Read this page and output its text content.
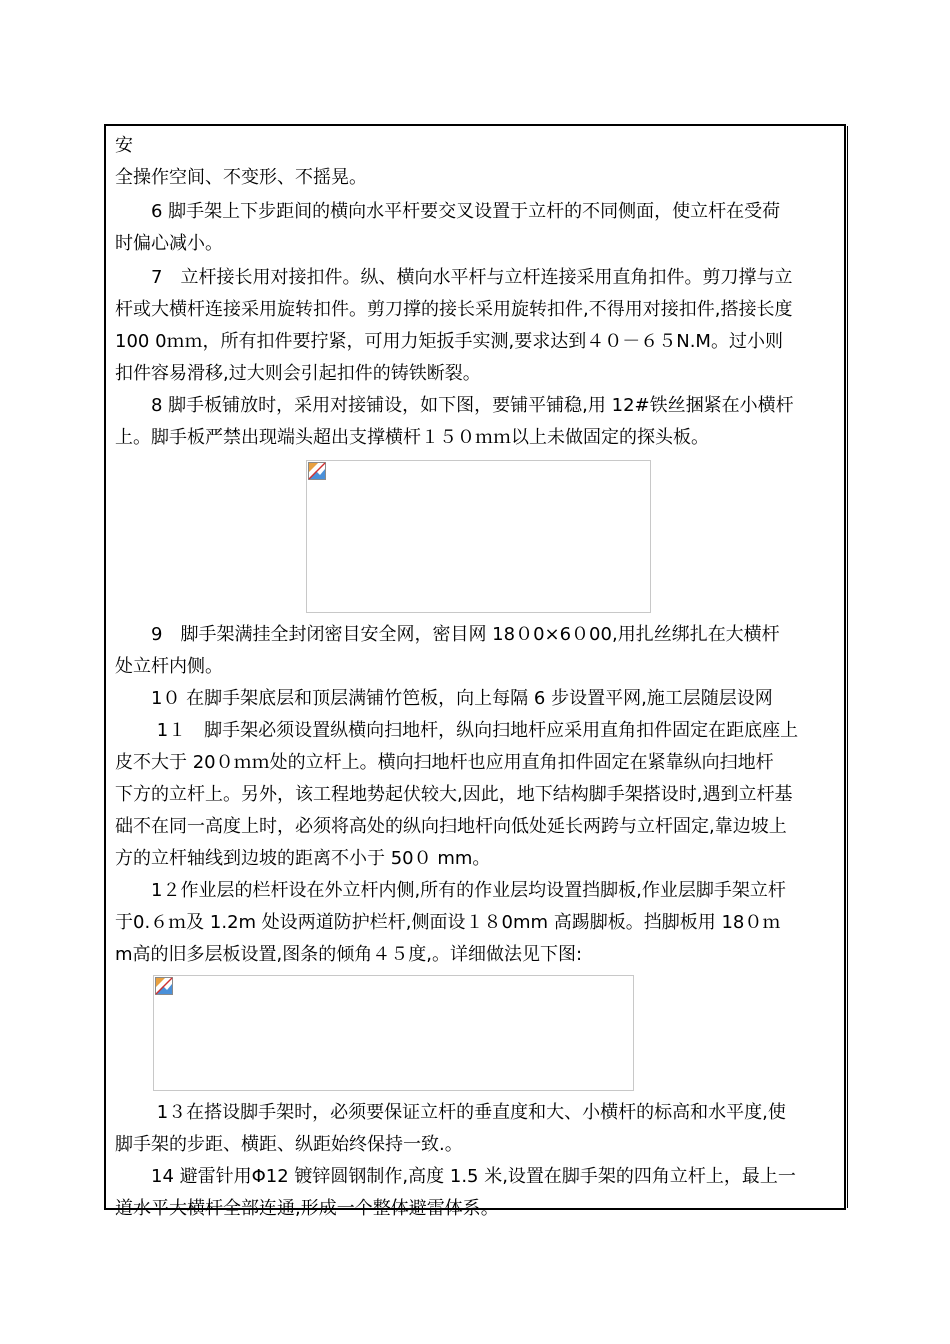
安
全操作空间、不变形、不摇晃。
　　6 脚手架上下步距间的横向水平杆要交叉设置于立杆的不同侧面，使立杆在受荷
时偏心减小。
　　7　立杆接长用对接扣件。纵、横向水平杆与立杆连接采用直角扣件。剪刀撑与立
杆或大横杆连接采用旋转扣件。剪刀撑的接长采用旋转扣件,不得用对接扣件,搭接长度
100 0ｍｍ，所有扣件要拧紧，可用力矩扳手实测,要求达到４０－６５N.M。过小则
扣件容易滑移,过大则会引起扣件的铸铁断裂。
　　8 脚手板铺放时，采用对接铺设，如下图，要铺平铺稳,用 12#铁丝捆紧在小横杆
上。脚手板严禁出现端头超出支撑横杆１５０ｍｍ以上未做固定的探头板。
　　9　脚手架满挂全封闭密目安全网，密目网 18０0×6０00,用扎丝绑扎在大横杆
处立杆内侧。
　　1０ 在脚手架底层和顶层满铺竹笆板，向上每隔 6 步设置平网,施工层随层设网
　　 1１　脚手架必须设置纵横向扫地杆，纵向扫地杆应采用直角扣件固定在距底座上
皮不大于 20０ｍｍ处的立杆上。横向扫地杆也应用直角扣件固定在紧靠纵向扫地杆
下方的立杆上。另外，该工程地势起伏较大,因此，地下结构脚手架搭设时,遇到立杆基
础不在同一高度上时，必须将高处的纵向扫地杆向低处延长两跨与立杆固定,靠边坡上
方的立杆轴线到边坡的距离不小于 50０ mm。
　　1２作业层的栏杆设在外立杆内侧,所有的作业层均设置挡脚板,作业层脚手架立杆
于0.６ｍ及 1.2m 处设两道防护栏杆,侧面设１８0mm 高踢脚板。挡脚板用 18０ｍ
m高的旧多层板设置,图条的倾角４５度,。详细做法见下图:
　　 1３在搭设脚手架时，必须要保证立杆的垂直度和大、小横杆的标高和水平度,使
脚手架的步距、横距、纵距始终保持一致.。
　　14 避雷针用Φ12 镀锌圆钢制作,高度 1.5 米,设置在脚手架的四角立杆上，最上一
道水平大横杆全部连通,形成一个整体避雷体系。
